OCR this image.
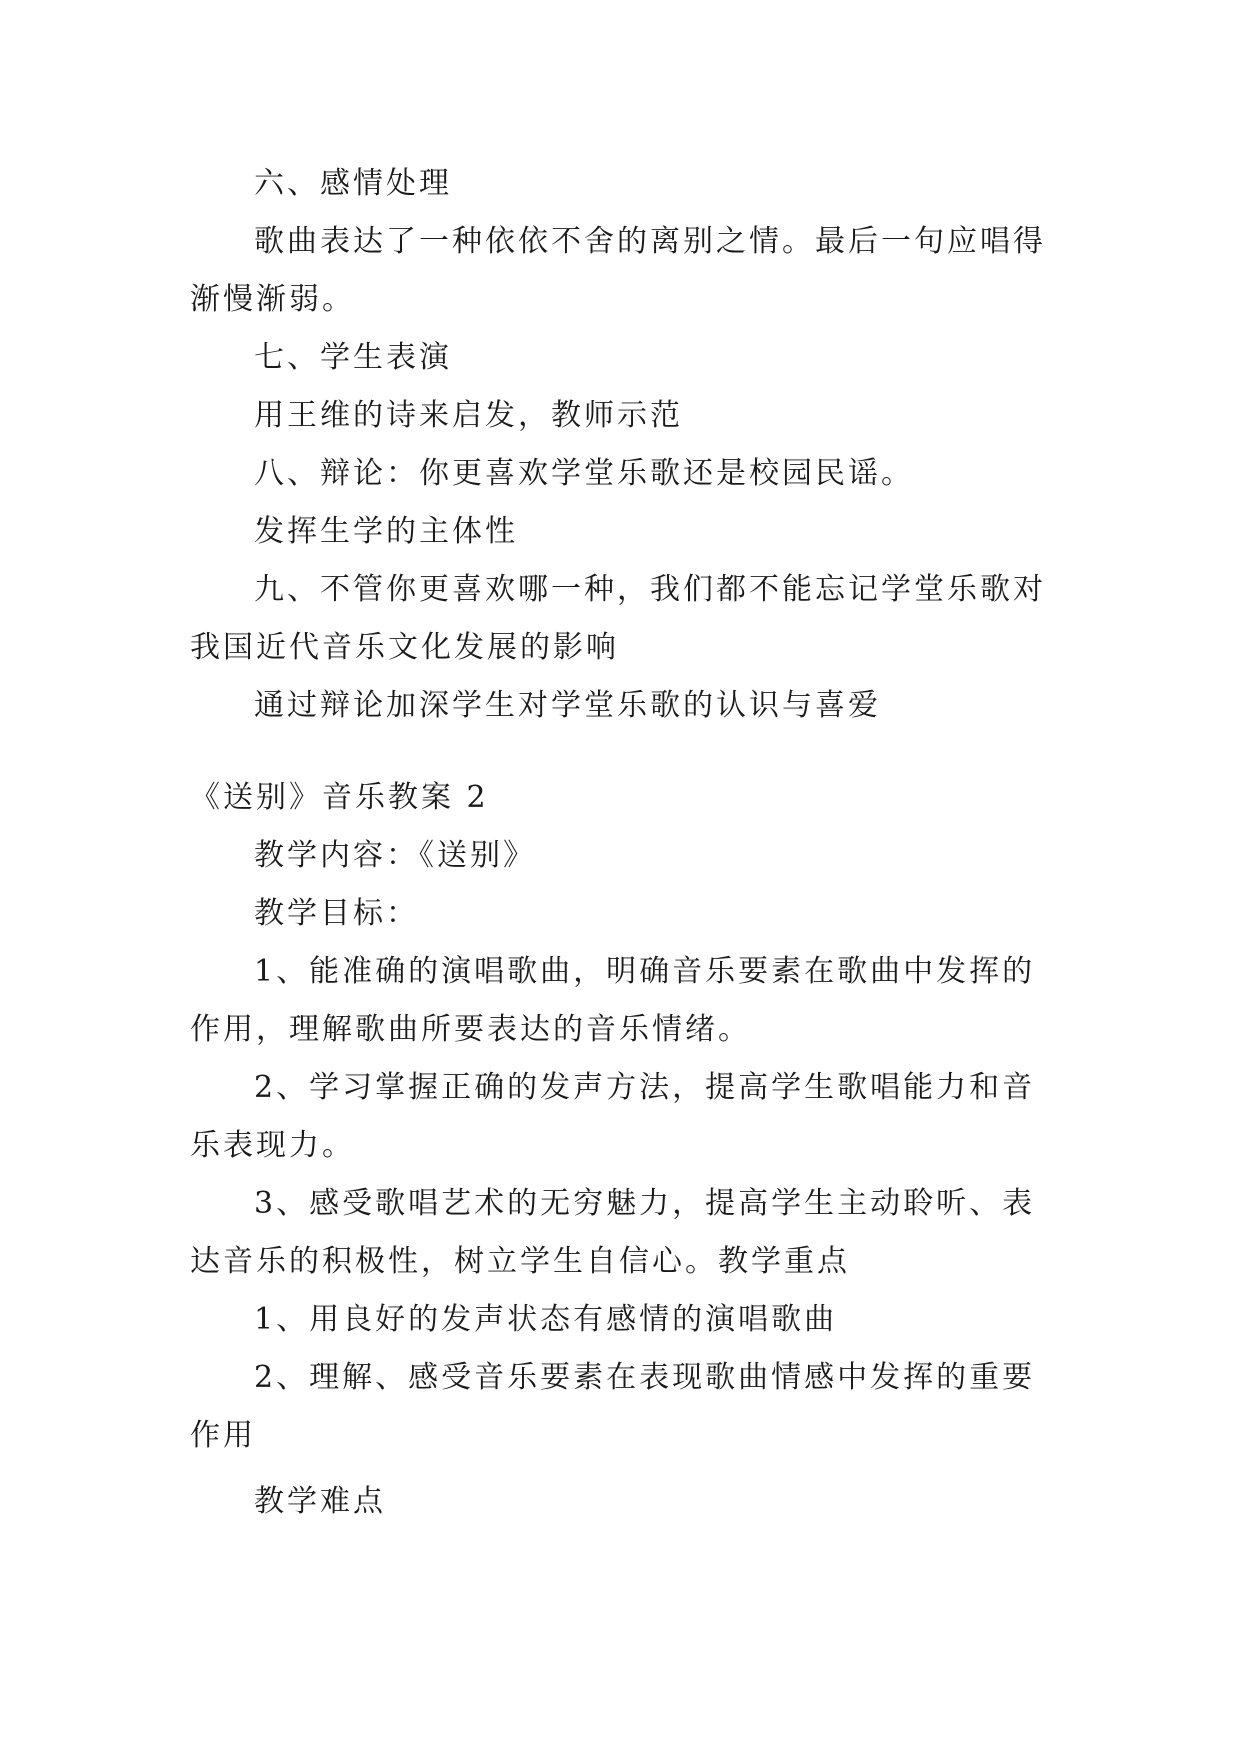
六、感情处理

歌曲表达了一种依依不舍的离别之情。最后一句应唱得渐慢渐弱。

七、学生表演

用王维的诗来启发，教师示范

八、辩论：你更喜欢学堂乐歌还是校园民谣。

发挥生学的主体性

九、不管你更喜欢哪一种，我们都不能忘记学堂乐歌对我国近代音乐文化发展的影响

通过辩论加深学生对学堂乐歌的认识与喜爱

《送别》音乐教案 2

教学内容：《送别》

教学目标：

1、能准确的演唱歌曲，明确音乐要素在歌曲中发挥的作用，理解歌曲所要表达的音乐情绪。

2、学习掌握正确的发声方法，提高学生歌唱能力和音乐表现力。

3、感受歌唱艺术的无穷魅力，提高学生主动聆听、表达音乐的积极性，树立学生自信心。教学重点

1、用良好的发声状态有感情的演唱歌曲

2、理解、感受音乐要素在表现歌曲情感中发挥的重要作用

教学难点
